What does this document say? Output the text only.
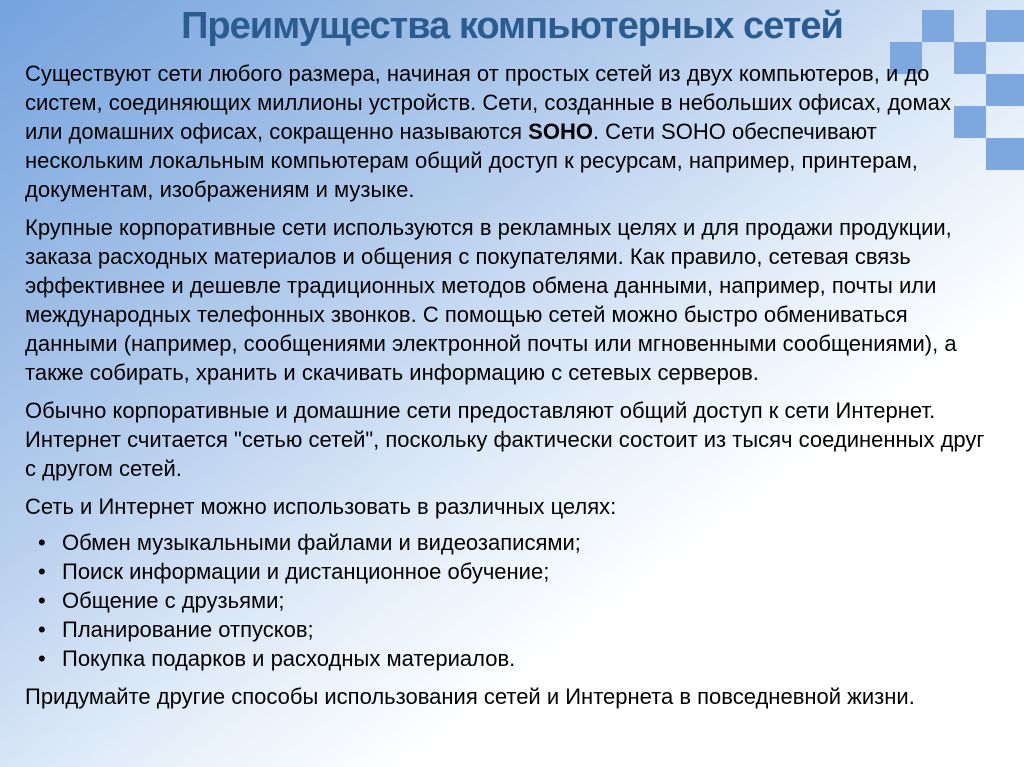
Преимущества компьютерных сетей

Существуют сети любого размера, начиная от простых сетей из двух компьютеров, и до систем, соединяющих миллионы устройств. Сети, созданные в небольших офисах, домах или домашних офисах, сокращенно называются SOHO. Сети SOHO обеспечивают нескольким локальным компьютерам общий доступ к ресурсам, например, принтерам, документам, изображениям и музыке.

Крупные корпоративные сети используются в рекламных целях и для продажи продукции, заказа расходных материалов и общения с покупателями. Как правило, сетевая связь эффективнее и дешевле традиционных методов обмена данными, например, почты или международных телефонных звонков. С помощью сетей можно быстро обмениваться данными (например, сообщениями электронной почты или мгновенными сообщениями), а также собирать, хранить и скачивать информацию с сетевых серверов.

Обычно корпоративные и домашние сети предоставляют общий доступ к сети Интернет. Интернет считается "сетью сетей", поскольку фактически состоит из тысяч соединенных друг с другом сетей.

Сеть и Интернет можно использовать в различных целях:

• Обмен музыкальными файлами и видеозаписями;
• Поиск информации и дистанционное обучение;
• Общение с друзьями;
• Планирование отпусков;
• Покупка подарков и расходных материалов.

Придумайте другие способы использования сетей и Интернета в повседневной жизни.
